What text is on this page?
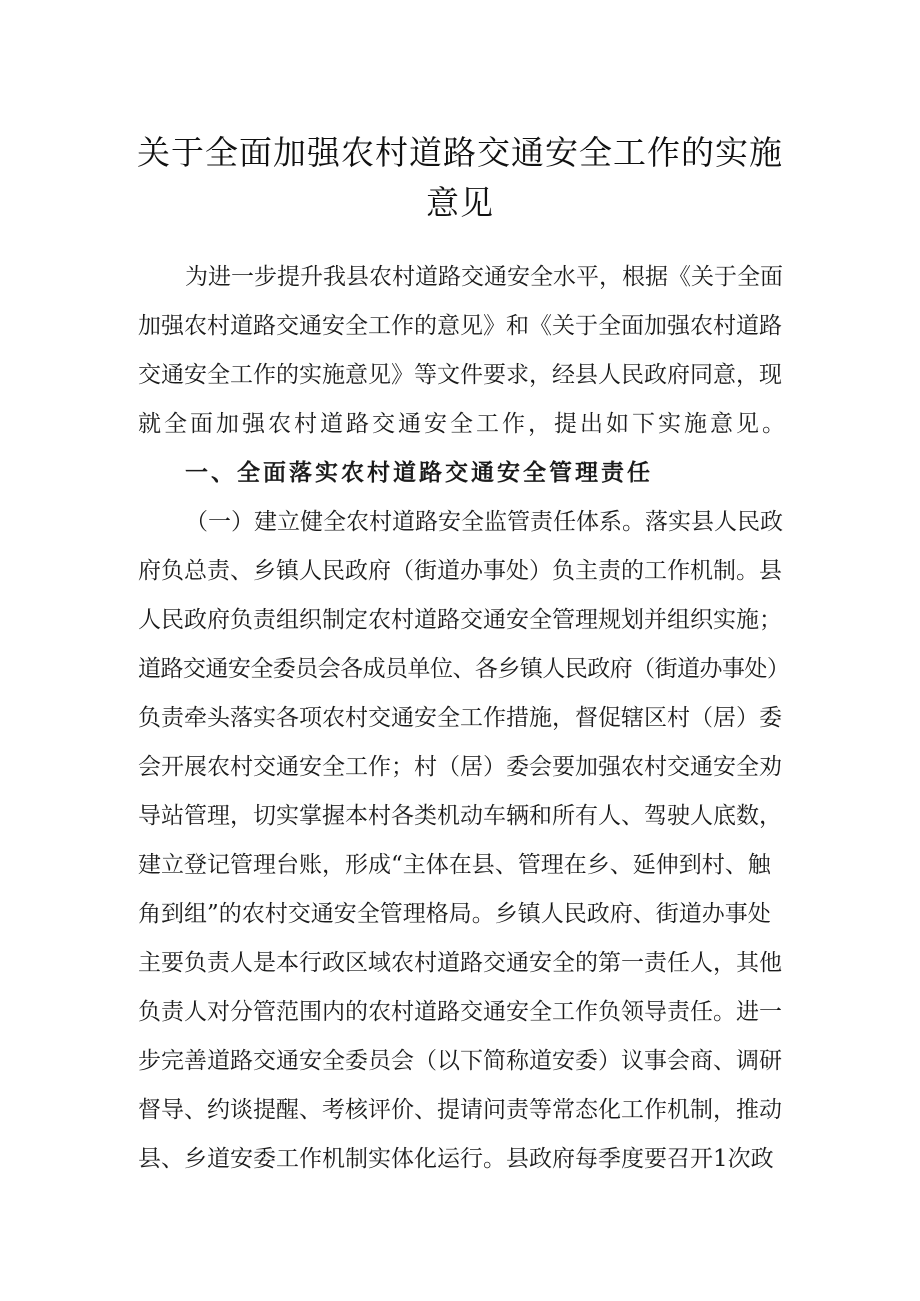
关于全面加强农村道路交通安全工作的实施
意见
为进一步提升我县农村道路交通安全水平，根据《关于全面
加强农村道路交通安全工作的意见》和《关于全面加强农村道路
交通安全工作的实施意见》等文件要求，经县人民政府同意，现
就全面加强农村道路交通安全工作，提出如下实施意见。
一、全面落实农村道路交通安全管理责任
（一）建立健全农村道路安全监管责任体系。落实县人民政
府负总责、乡镇人民政府（街道办事处）负主责的工作机制。县
人民政府负责组织制定农村道路交通安全管理规划并组织实施；
道路交通安全委员会各成员单位、各乡镇人民政府（街道办事处）
负责牵头落实各项农村交通安全工作措施，督促辖区村（居）委
会开展农村交通安全工作；村（居）委会要加强农村交通安全劝
导站管理，切实掌握本村各类机动车辆和所有人、驾驶人底数，
建立登记管理台账，形成“主体在县、管理在乡、延伸到村、触
角到组”的农村交通安全管理格局。乡镇人民政府、街道办事处
主要负责人是本行政区域农村道路交通安全的第一责任人，其他
负责人对分管范围内的农村道路交通安全工作负领导责任。进一
步完善道路交通安全委员会（以下简称道安委）议事会商、调研
督导、约谈提醒、考核评价、提请问责等常态化工作机制，推动
县、乡道安委工作机制实体化运行。县政府每季度要召开1次政
